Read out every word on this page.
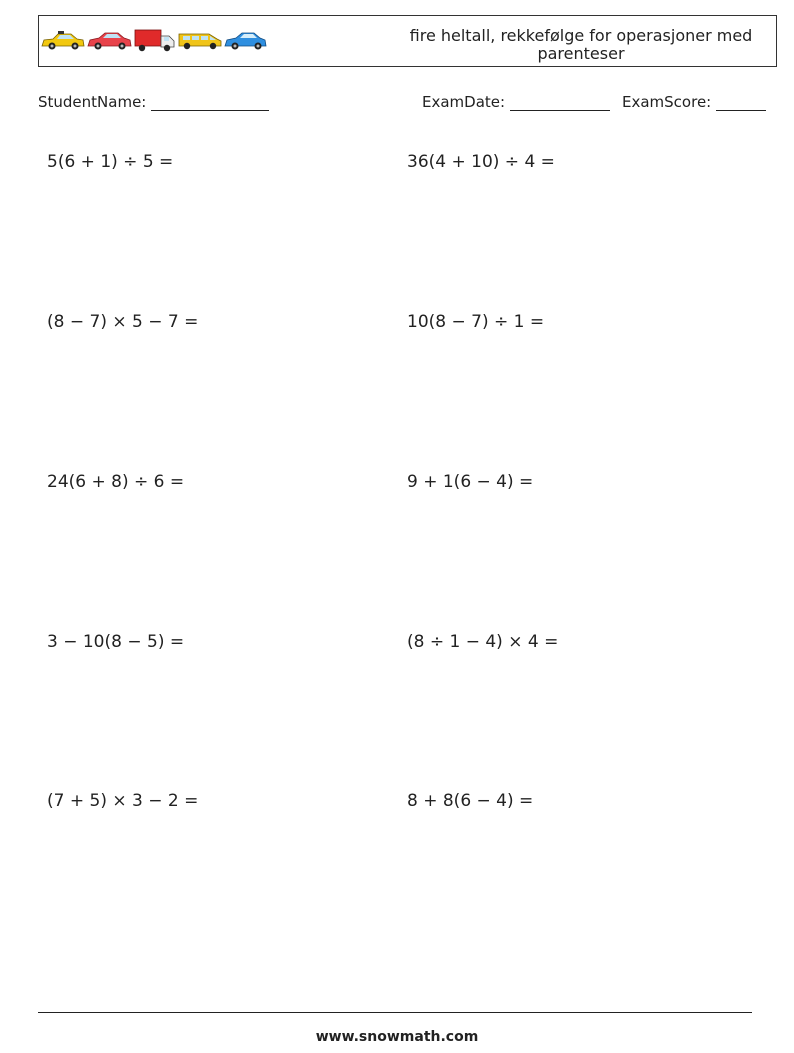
fire heltall, rekkefølge for operasjoner med parenteser
StudentName:	ExamDate:	ExamScore:
5(6 + 1) ÷ 5 =	36(4 + 10) ÷ 4 =
(8 − 7) × 5 − 7 =	10(8 − 7) ÷ 1 =
24(6 + 8) ÷ 6 =	9 + 1(6 − 4) =
3 − 10(8 − 5) =	(8 ÷ 1 − 4) × 4 =
(7 + 5) × 3 − 2 =	8 + 8(6 − 4) =
www.snowmath.com
